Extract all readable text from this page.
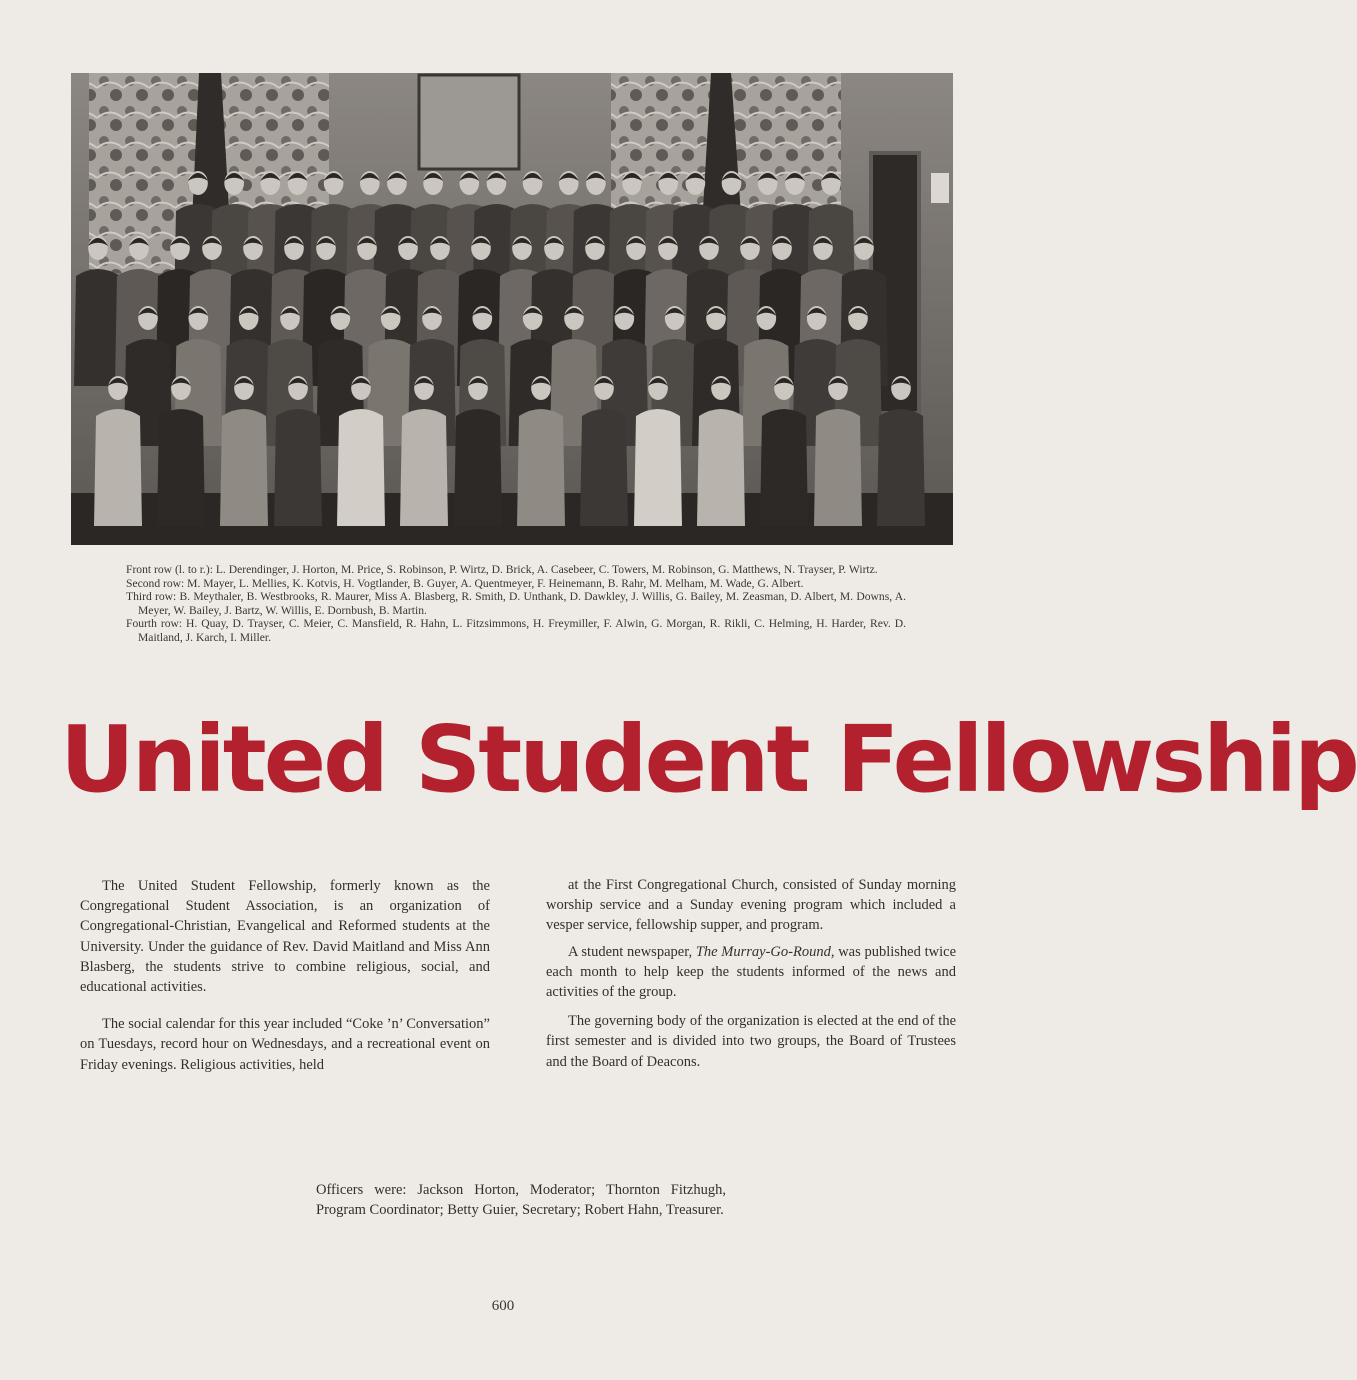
Front row (l. to r.): L. Derendinger, J. Horton, M. Price, S. Robinson, P. Wirtz, D. Brick, A. Casebeer, C. Towers, M. Robinson, G. Matthews, N. Trayser, P. Wirtz.

Second row: M. Mayer, L. Mellies, K. Kotvis, H. Vogtlander, B. Guyer, A. Quentmeyer, F. Heinemann, B. Rahr, M. Melham, M. Wade, G. Albert.

Third row: B. Meythaler, B. Westbrooks, R. Maurer, Miss A. Blasberg, R. Smith, D. Unthank, D. Dawkley, J. Willis, G. Bailey, M. Zeasman, D. Albert, M. Downs, A. Meyer, W. Bailey, J. Bartz, W. Willis, E. Dornbush, B. Martin.

Fourth row: H. Quay, D. Trayser, C. Meier, C. Mansfield, R. Hahn, L. Fitzsimmons, H. Freymiller, F. Alwin, G. Morgan, R. Rikli, C. Helming, H. Harder, Rev. D. Maitland, J. Karch, I. Miller.

United Student Fellowship

The United Student Fellowship, formerly known as the Congregational Student Association, is an organization of Congregational-Christian, Evangelical and Reformed students at the University. Under the guidance of Rev. David Maitland and Miss Ann Blasberg, the students strive to combine religious, social, and educational activities.

The social calendar for this year included “Coke ’n’ Conversation” on Tuesdays, record hour on Wednesdays, and a recreational event on Friday evenings. Religious activities, held

at the First Congregational Church, consisted of Sunday morning worship service and a Sunday evening program which included a vesper service, fellowship supper, and program.

A student newspaper, The Murray-Go-Round, was published twice each month to help keep the students informed of the news and activities of the group.

The governing body of the organization is elected at the end of the first semester and is divided into two groups, the Board of Trustees and the Board of Deacons.

Officers were: Jackson Horton, Moderator; Thornton Fitzhugh, Program Coordinator; Betty Guier, Secretary; Robert Hahn, Treasurer.

600
